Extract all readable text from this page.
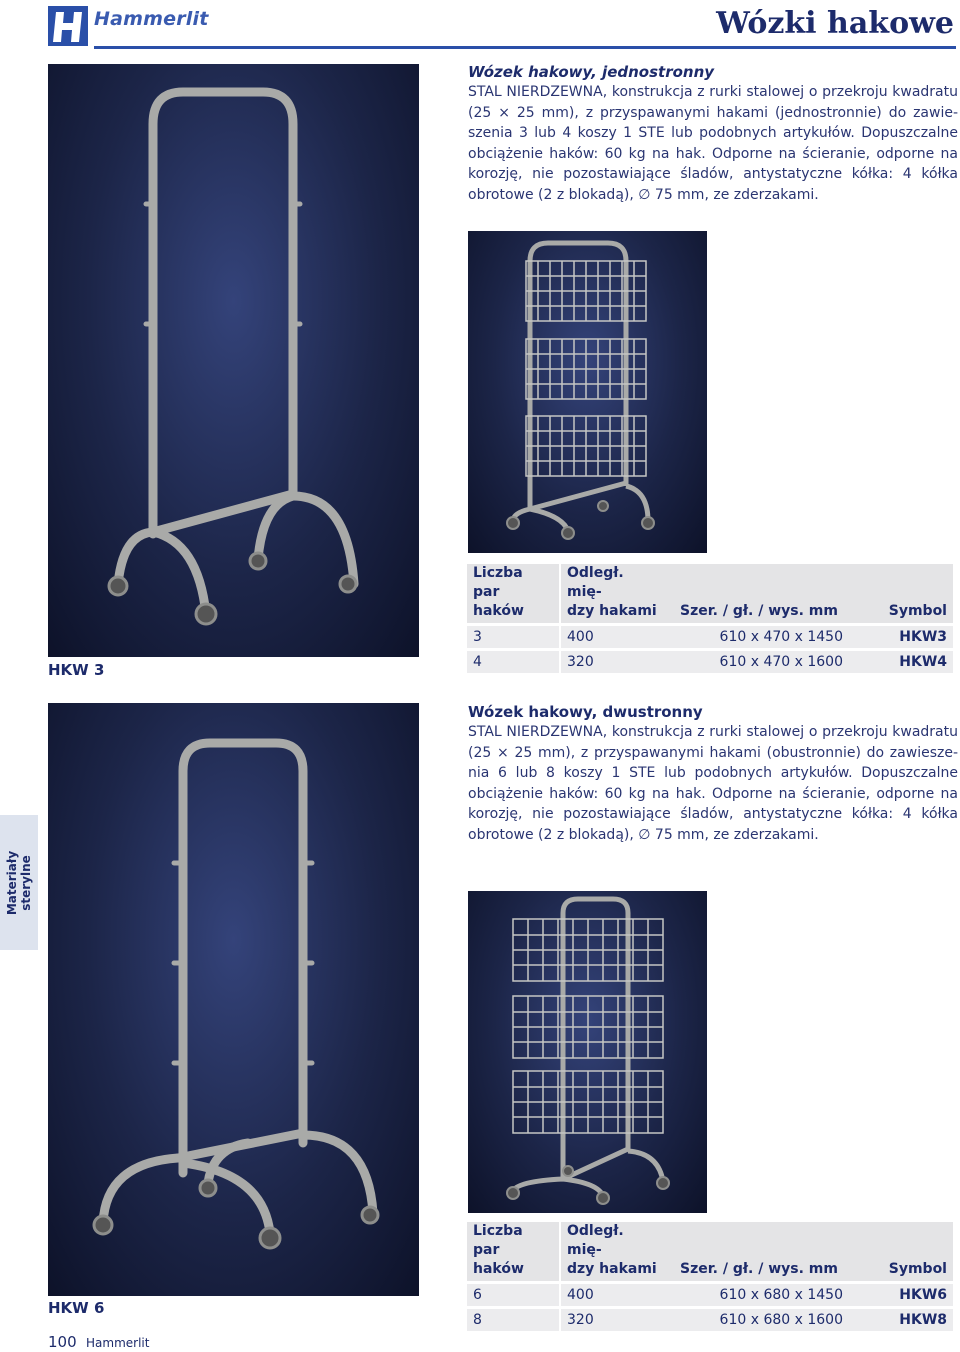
Hammerlit	Wózki hakowe
HKW 3
Wózek hakowy, jednostronny
STAL NIERDZEWNA, konstrukcja z rurki stalowej o przekroju kwadratu (25 × 25 mm), z przyspawanymi hakami (jednostronnie) do zawie-szenia 3 lub 4 koszy 1 STE lub podobnych artykułów. Dopuszczalne obciążenie haków: 60 kg na hak. Odporne na ścieranie, odporne na korozję, nie pozostawiające śladów, antystatyczne kółka: 4 kółka obrotowe (2 z blokadą), ∅ 75 mm, ze zderzakami.
Liczba
par haków	Odległ. mię-
dzy hakami	Szer. / gł. / wys. mm	Symbol
3	400	610 x 470 x 1450	HKW3
4	320	610 x 470 x 1600	HKW4
HKW 6
Wózek hakowy, dwustronny
STAL NIERDZEWNA, konstrukcja z rurki stalowej o przekroju kwadratu (25 × 25 mm), z przyspawanymi hakami (obustronnie) do zawiesze-nia 6 lub 8 koszy 1 STE lub podobnych artykułów. Dopuszczalne obciążenie haków: 60 kg na hak. Odporne na ścieranie, odporne na korozję, nie pozostawiające śladów, antystatyczne kółka: 4 kółka obrotowe (2 z blokadą), ∅ 75 mm, ze zderzakami.
Liczba
par haków	Odległ. mię-
dzy hakami	Szer. / gł. / wys. mm	Symbol
6	400	610 x 680 x 1450	HKW6
8	320	610 x 680 x 1600	HKW8
Materiały
sterylne
100 Hammerlit
